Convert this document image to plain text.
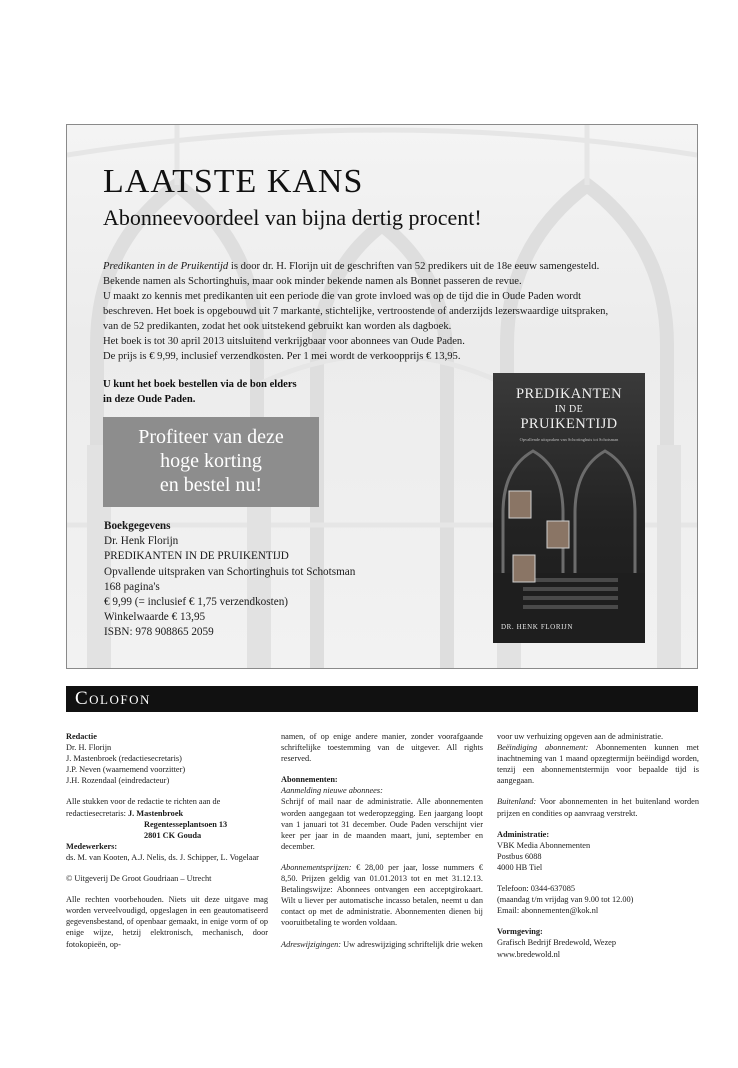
LAATSTE KANS
Abonneevoordeel van bijna dertig procent!

Predikanten in de Pruikentijd is door dr. H. Florijn uit de geschriften van 52 predikers uit de 18e eeuw samengesteld.

Bekende namen als Schortinghuis, maar ook minder bekende namen als Bonnet passeren de revue.

U maakt zo kennis met predikanten uit een periode die van grote invloed was op de tijd die in Oude Paden wordt

beschreven. Het boek is opgebouwd uit 7 markante, stichtelijke, vertroostende of anderzijds lezerswaardige uitspraken,

van de 52 predikanten, zodat het ook uitstekend gebruikt kan worden als dagboek.

Het boek is tot 30 april 2013 uitsluitend verkrijgbaar voor abonnees van Oude Paden.

De prijs is € 9,99, inclusief verzendkosten. Per 1 mei wordt de verkoopprijs € 13,95.

U kunt het boek bestellen via de bon elders
in deze Oude Paden.
Profiteer van deze
hoge korting
en bestel nu!
Boekgegevens
Dr. Henk Florijn
PREDIKANTEN IN DE PRUIKENTIJD
Opvallende uitspraken van Schortinghuis tot Schotsman
168 pagina's
€ 9,99 (= inclusief € 1,75 verzendkosten)
Winkelwaarde € 13,95
ISBN: 978 908865 2059
PREDIKANTEN
IN DE
PRUIKENTIJD
Opvallende uitspraken van Schortinghuis tot Schotsman
DR. HENK FLORIJN
Colofon
Redactie
Dr. H. Florijn
J. Mastenbroek (redactiesecretaris)
J.P. Neven (waarnemend voorzitter)
J.H. Rozendaal (eindredacteur)
Alle stukken voor de redactie te richten aan de
redactiesecretaris: J. Mastenbroek
Regentesseplantsoen 13
2801 CK Gouda
Medewerkers:
ds. M. van Kooten, A.J. Nelis, ds. J. Schipper, L. Vogelaar
© Uitgeverij De Groot Goudriaan – Utrecht
Alle rechten voorbehouden. Niets uit deze uitgave mag worden verveelvoudigd, opgeslagen in een geautomatiseerd gegevensbestand, of openbaar gemaakt, in enige vorm of op enige wijze, hetzij elektronisch, mechanisch, door fotokopieën, op-
namen, of op enige andere manier, zonder voorafgaande schriftelijke toestemming van de uitgever. All rights reserved.
Abonnementen:
Aanmelding nieuwe abonnees:
Schrijf of mail naar de administratie. Alle abonnementen worden aangegaan tot wederopzegging. Een jaargang loopt van 1 januari tot 31 december. Oude Paden verschijnt vier keer per jaar in de maanden maart, juni, september en december.
Abonnementsprijzen: € 28,00 per jaar, losse nummers € 8,50. Prijzen geldig van 01.01.2013 tot en met 31.12.13. Betalingswijze: Abonnees ontvangen een acceptgirokaart. Wilt u liever per automatische incasso betalen, neemt u dan contact op met de administratie. Abonnementen dienen bij vooruitbetaling te worden voldaan.
Adreswijzigingen: Uw adreswijziging schriftelijk drie weken
voor uw verhuizing opgeven aan de administratie.
Beëindiging abonnement: Abonnementen kunnen met inachtneming van 1 maand opzegtermijn beëindigd worden, tenzij een abonnementstermijn voor bepaalde tijd is aangegaan.
Buitenland: Voor abonnementen in het buitenland worden prijzen en condities op aanvraag verstrekt.
Administratie:
VBK Media Abonnementen
Postbus 6088
4000 HB Tiel
Telefoon: 0344-637085
(maandag t/m vrijdag van 9.00 tot 12.00)
Email: abonnementen@kok.nl
Vormgeving:
Grafisch Bedrijf Bredewold, Wezep
www.bredewold.nl
